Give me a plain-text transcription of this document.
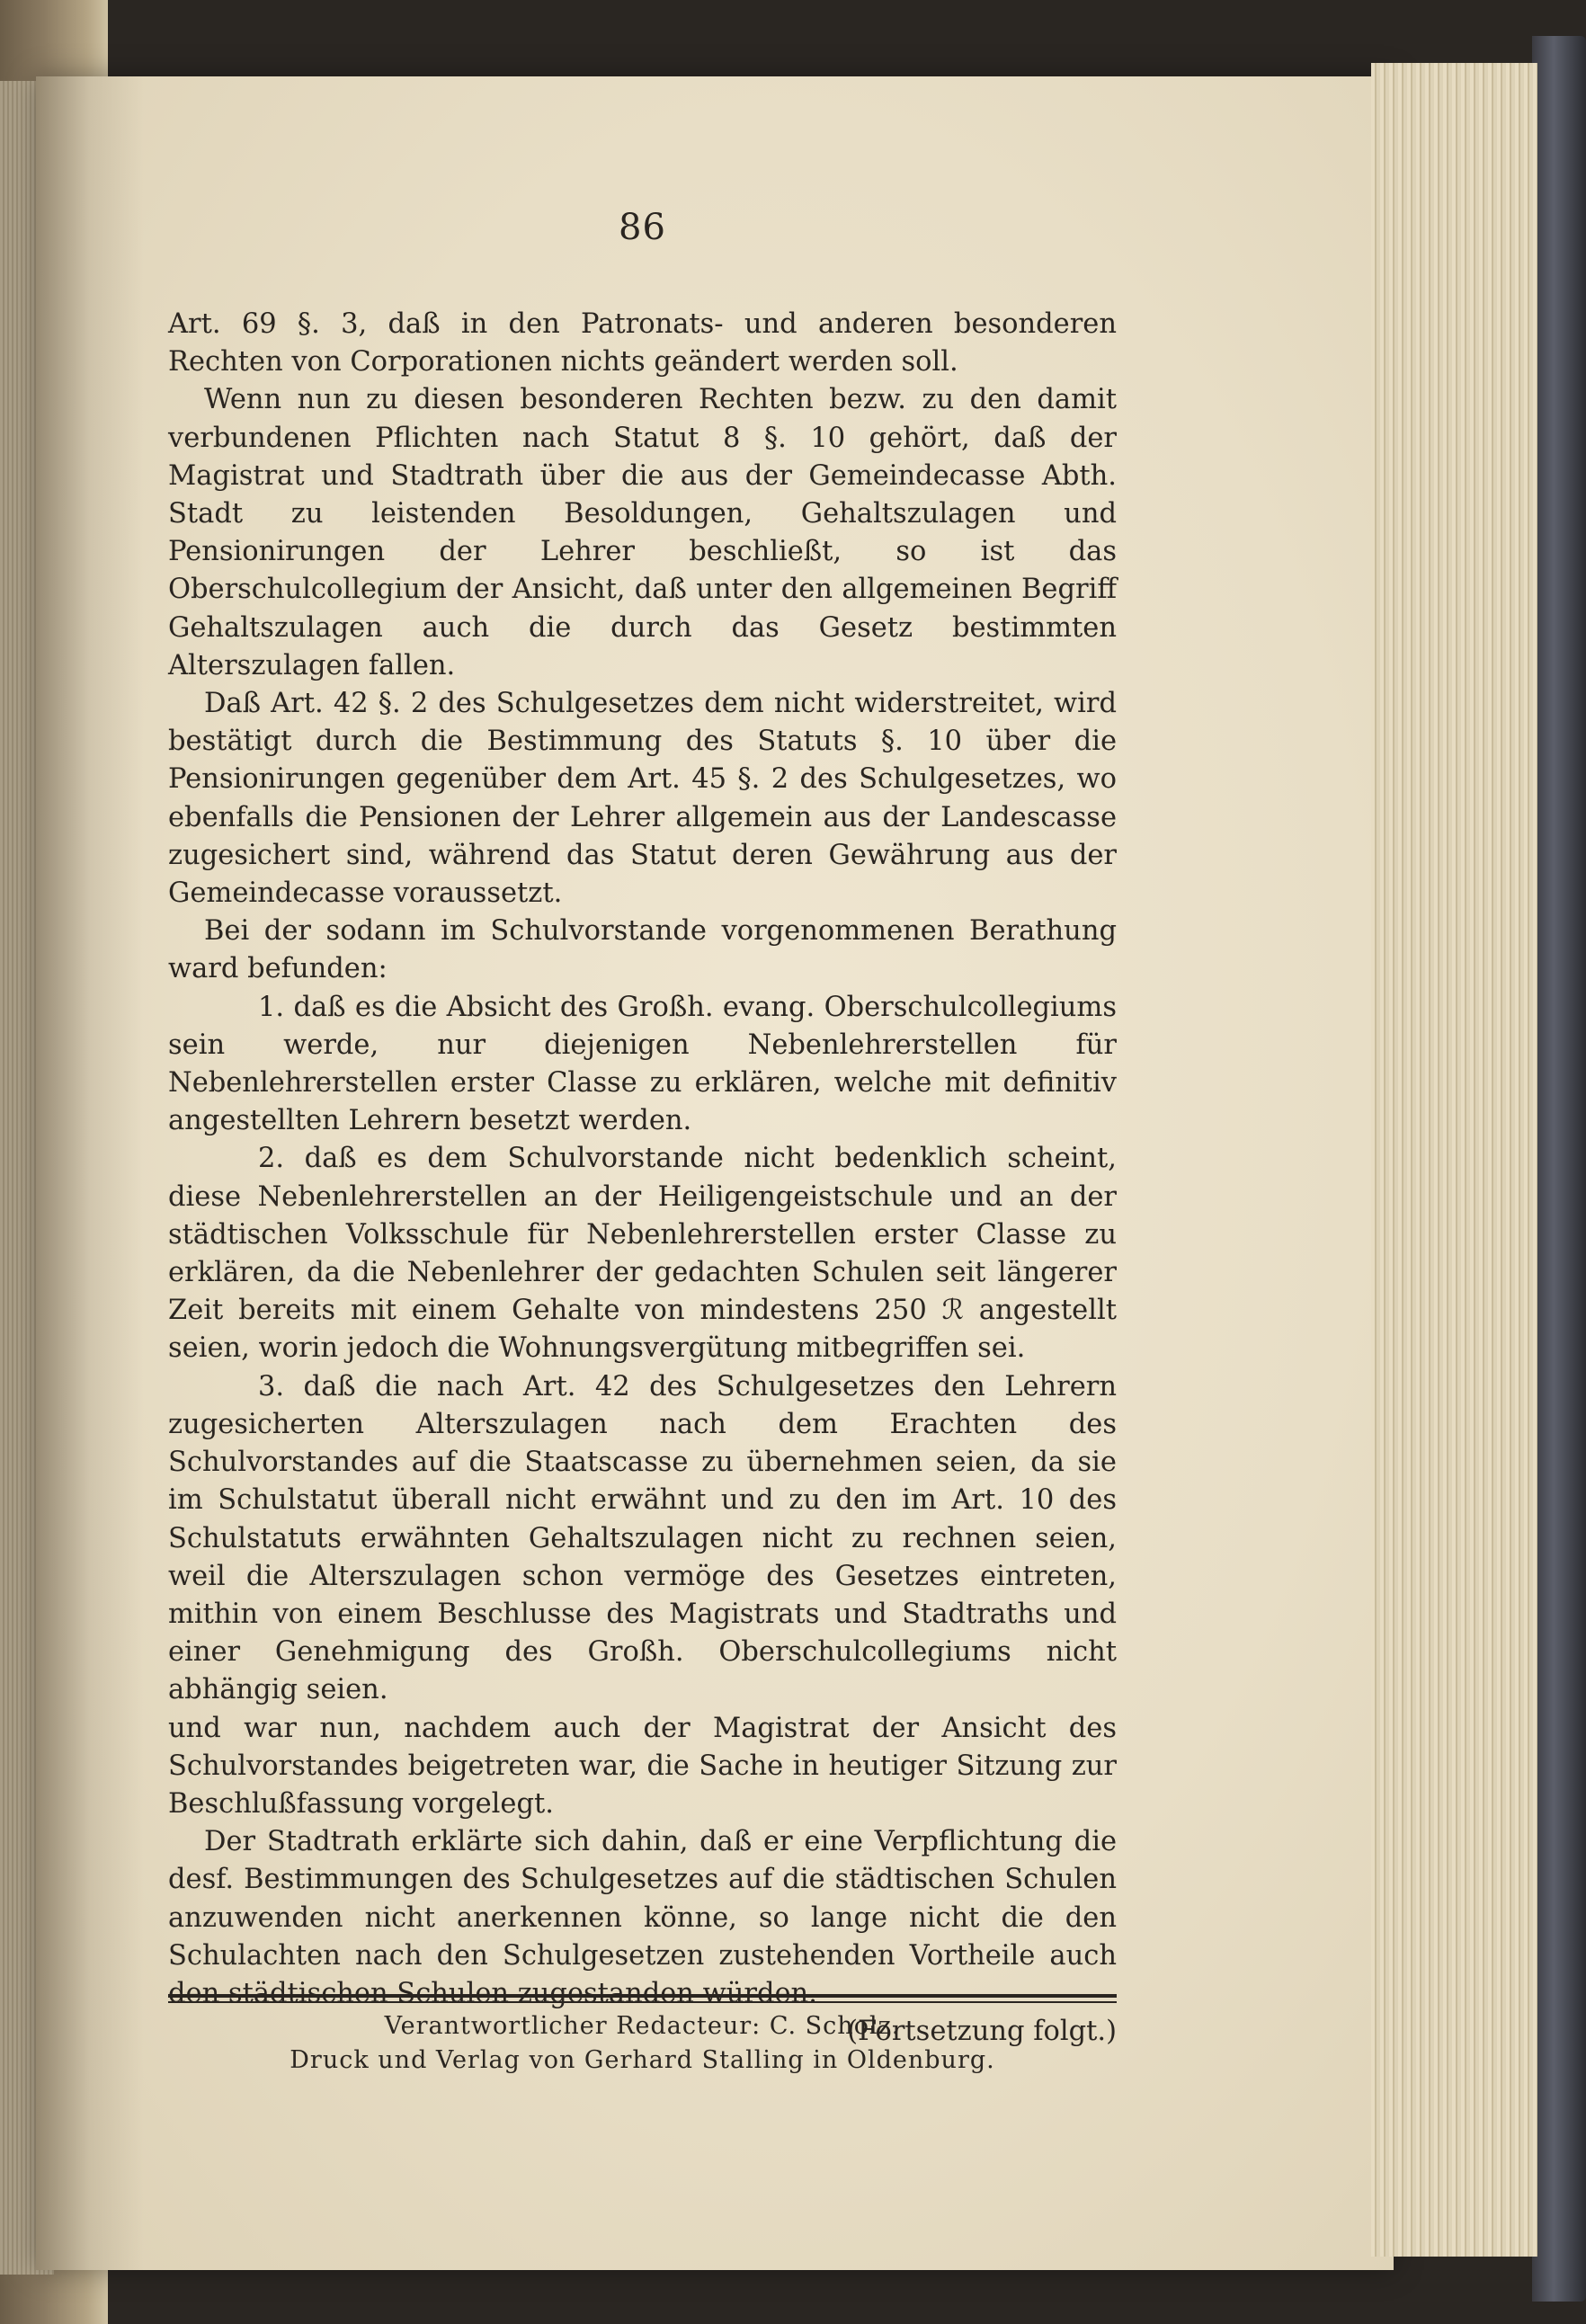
86

Art. 69 §. 3, daß in den Patronats- und anderen besonderen Rechten von Corporationen nichts geändert werden soll.

Wenn nun zu diesen besonderen Rechten bezw. zu den damit verbundenen Pflichten nach Statut 8 §. 10 gehört, daß der Magistrat und Stadtrath über die aus der Gemeindecasse Abth. Stadt zu leistenden Besoldungen, Gehaltszulagen und Pensionirungen der Lehrer beschließt, so ist das Oberschulcollegium der Ansicht, daß unter den allgemeinen Begriff Gehaltszulagen auch die durch das Gesetz bestimmten Alterszulagen fallen.

Daß Art. 42 §. 2 des Schulgesetzes dem nicht widerstreitet, wird bestätigt durch die Bestimmung des Statuts §. 10 über die Pensionirungen gegenüber dem Art. 45 §. 2 des Schulgesetzes, wo ebenfalls die Pensionen der Lehrer allgemein aus der Landescasse zugesichert sind, während das Statut deren Gewährung aus der Gemeindecasse voraussetzt.

Bei der sodann im Schulvorstande vorgenommenen Berathung ward befunden:

1. daß es die Absicht des Großh. evang. Oberschulcollegiums sein werde, nur diejenigen Nebenlehrerstellen für Nebenlehrerstellen erster Classe zu erklären, welche mit definitiv angestellten Lehrern besetzt werden.

2. daß es dem Schulvorstande nicht bedenklich scheint, diese Nebenlehrerstellen an der Heiligengeistschule und an der städtischen Volksschule für Nebenlehrerstellen erster Classe zu erklären, da die Nebenlehrer der gedachten Schulen seit längerer Zeit bereits mit einem Gehalte von mindestens 250 ℛ angestellt seien, worin jedoch die Wohnungsvergütung mitbegriffen sei.

3. daß die nach Art. 42 des Schulgesetzes den Lehrern zugesicherten Alterszulagen nach dem Erachten des Schulvorstandes auf die Staatscasse zu übernehmen seien, da sie im Schulstatut überall nicht erwähnt und zu den im Art. 10 des Schulstatuts erwähnten Gehaltszulagen nicht zu rechnen seien, weil die Alterszulagen schon vermöge des Gesetzes eintreten, mithin von einem Beschlusse des Magistrats und Stadtraths und einer Genehmigung des Großh. Oberschulcollegiums nicht abhängig seien.

und war nun, nachdem auch der Magistrat der Ansicht des Schulvorstandes beigetreten war, die Sache in heutiger Sitzung zur Beschlußfassung vorgelegt.

Der Stadtrath erklärte sich dahin, daß er eine Verpflichtung die desf. Bestimmungen des Schulgesetzes auf die städtischen Schulen anzuwenden nicht anerkennen könne, so lange nicht die den Schulachten nach den Schulgesetzen zustehenden Vortheile auch
(Fortsetzung folgt.)

Verantwortlicher Redacteur: C. Scholz.
Druck und Verlag von Gerhard Stalling in Oldenburg.
